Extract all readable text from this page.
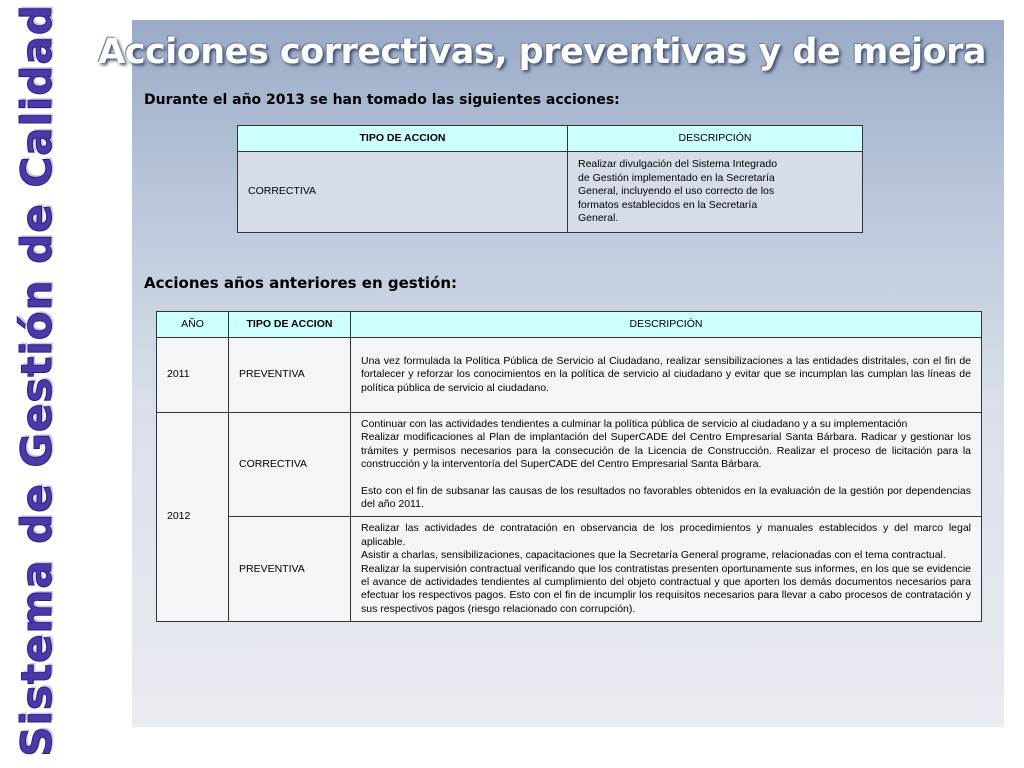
Sistema de Gestión de Calidad Acciones correctivas, preventivas y de mejora
Durante el año 2013 se han tomado las siguientes acciones:
TIPO DE ACCION	DESCRIPCIÓN
CORRECTIVA	Realizar divulgación del Sistema Integrado de Gestión implementado en la Secretaría General, incluyendo el uso correcto de los formatos establecidos en la Secretaría General.
Acciones años anteriores en gestión:
AÑO	TIPO DE ACCION	DESCRIPCIÓN
2011	PREVENTIVA	Una vez formulada la Política Pública de Servicio al Ciudadano, realizar sensibilizaciones a las entidades distritales, con el fin de fortalecer y reforzar los conocimientos en la política de servicio al ciudadano y evitar que se incumplan las cumplan las líneas de política pública de servicio al ciudadano.

2012	CORRECTIVA	Continuar con las actividades tendientes a culminar la política pública de servicio al ciudadano y a su implementación
Realizar modificaciones al Plan de implantación del SuperCADE del Centro Empresarial Santa Bárbara. Radicar y gestionar los trámites y permisos necesarios para la consecución de la Licencia de Construcción. Realizar el proceso de licitación para la construcción y la interventoría del SuperCADE del Centro Empresarial Santa Bárbara.
Esto con el fin de subsanar las causas de los resultados no favorables obtenidos en la evaluación de la gestión por dependencias del año 2011.

	PREVENTIVA	Realizar las actividades de contratación en observancia de los procedimientos y manuales establecidos y del marco legal aplicable.
Asistir a charlas, sensibilizaciones, capacitaciones que la Secretaría General programe, relacionadas con el tema contractual.
Realizar la supervisión contractual verificando que los contratistas presenten oportunamente sus informes, en los que se evidencie el avance de actividades tendientes al cumplimiento del objeto contractual y que aporten los demás documentos necesarios para efectuar los respectivos pagos. Esto con el fin de incumplir los requisitos necesarios para llevar a cabo procesos de contratación y sus respectivos pagos (riesgo relacionado con corrupción).
